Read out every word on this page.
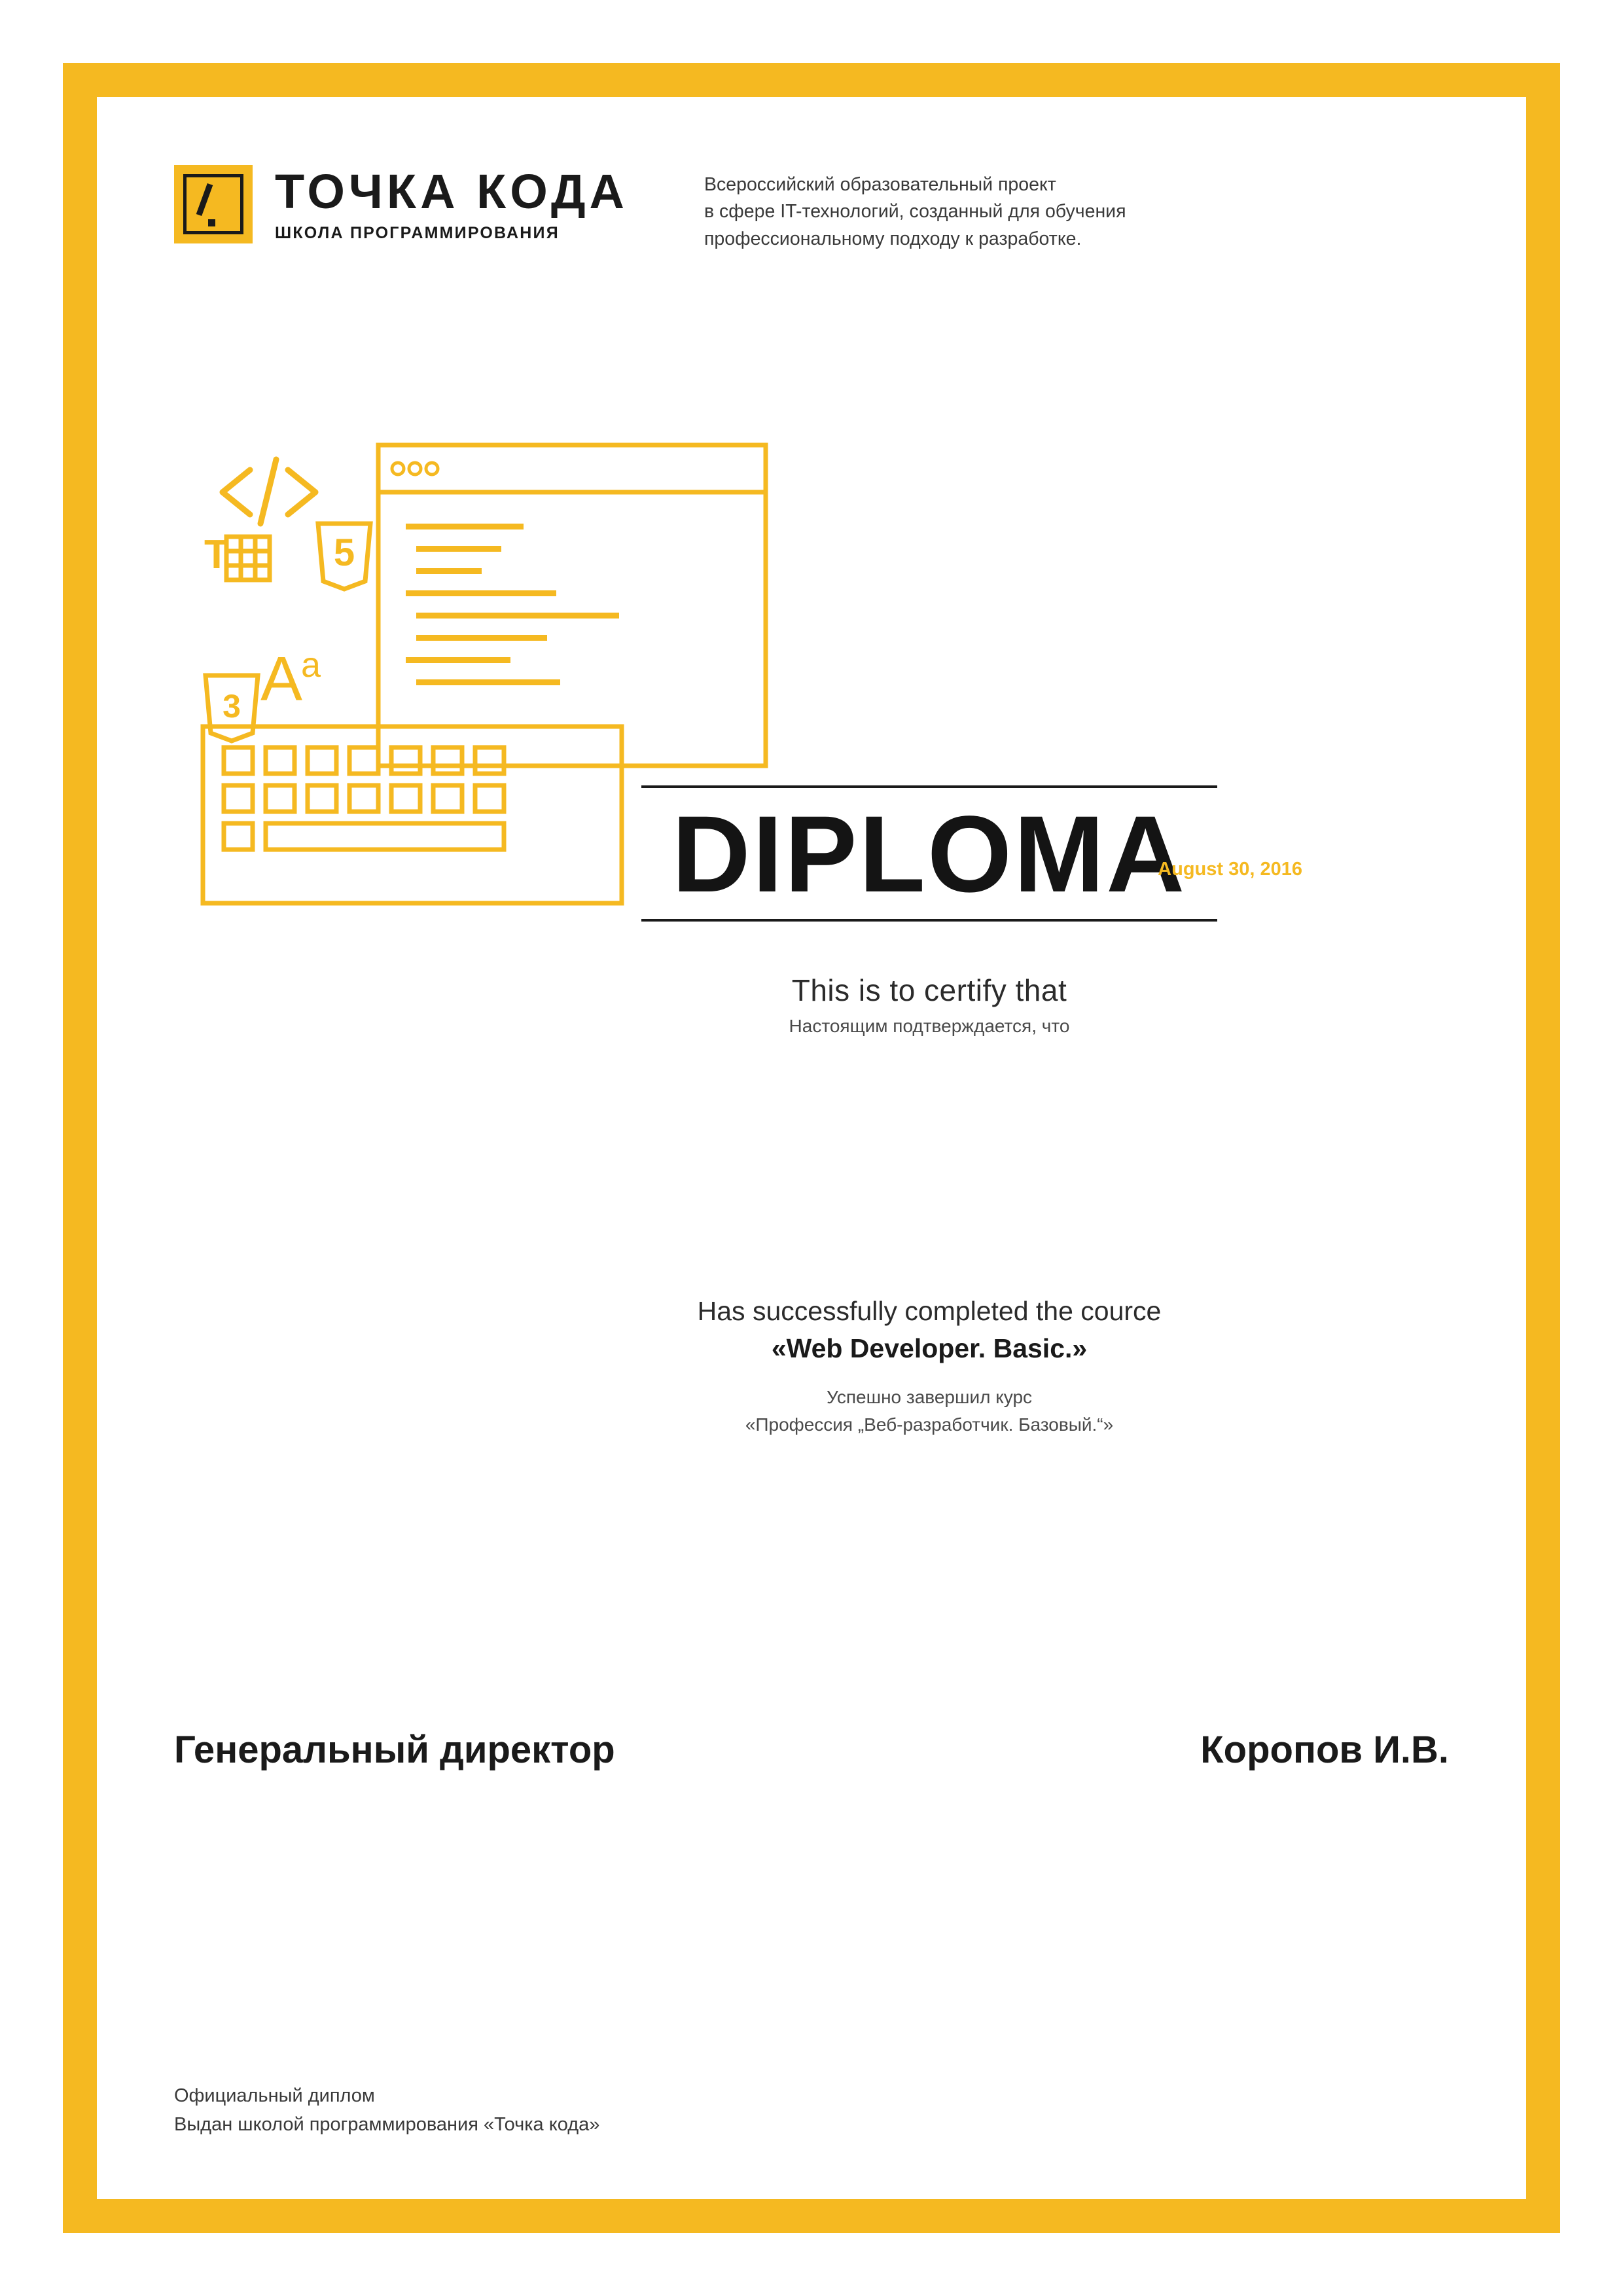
ТОЧКА КОДА
ШКОЛА ПРОГРАММИРОВАНИЯ
Всероссийский образовательный проект
в сфере IT-технологий, созданный для обучения
профессиональному подходу к разработке.
5
3
T
A
a
DIPLOMA
August 30, 2016
This is to certify that
Настоящим подтверждается, что
Has successfully completed the cource
«Web Developer. Basic.»
Успешно завершил курс
«Профессия „Веб-разработчик. Базовый.“»
Генеральный директор	Коропов И.В.
Официальный диплом
Выдан школой программирования «Точка кода»
